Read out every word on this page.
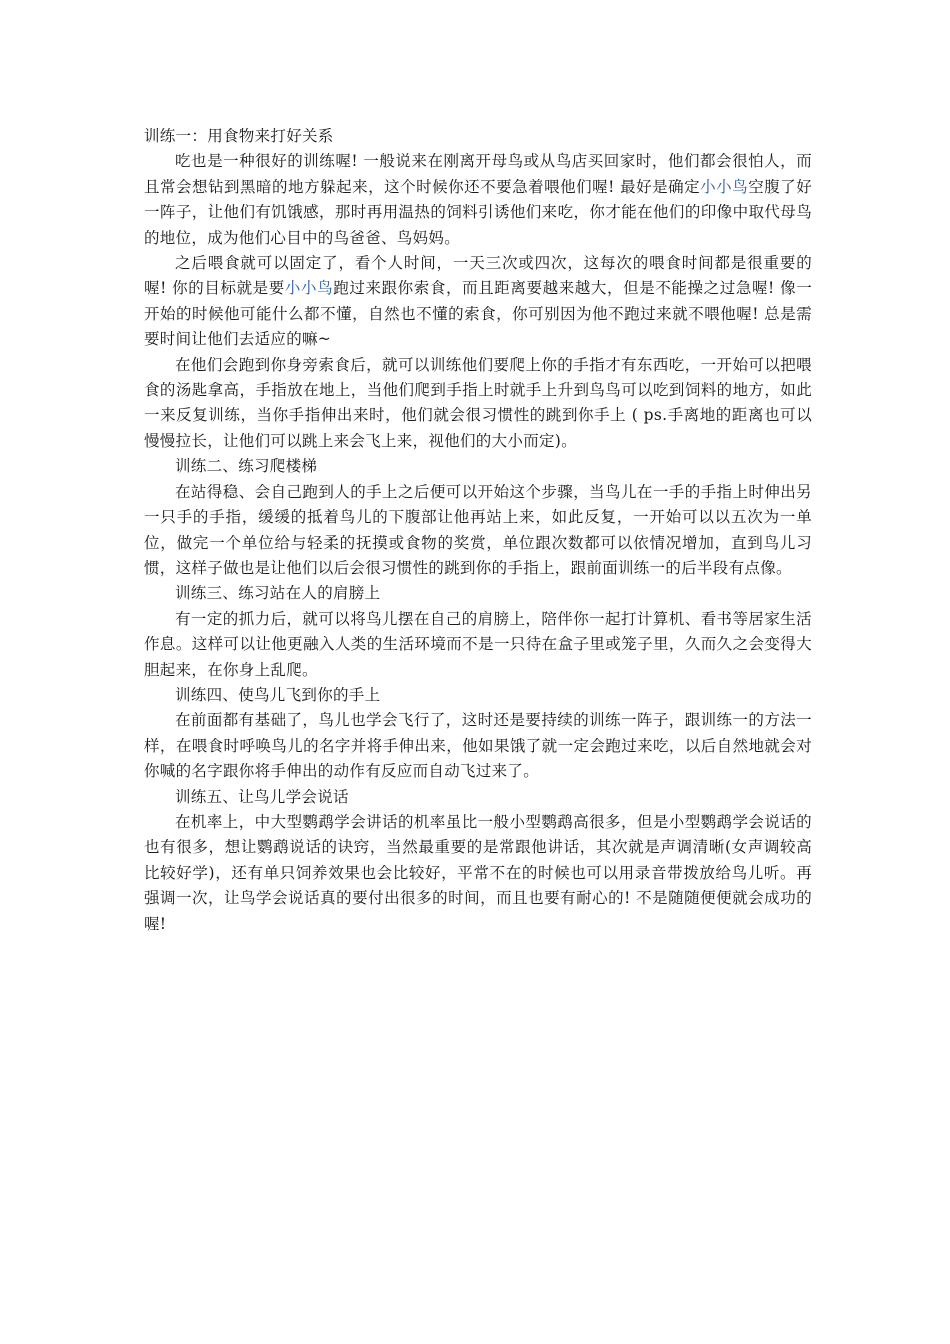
训练一：用食物来打好关系

吃也是一种很好的训练喔! 一般说来在刚离开母鸟或从鸟店买回家时，他们都会很怕人，而且常会想钻到黑暗的地方躲起来，这个时候你还不要急着喂他们喔! 最好是确定小小鸟空腹了好一阵子，让他们有饥饿感，那时再用温热的饲料引诱他们来吃，你才能在他们的印像中取代母鸟的地位，成为他们心目中的鸟爸爸、鸟妈妈。

之后喂食就可以固定了，看个人时间，一天三次或四次，这每次的喂食时间都是很重要的喔! 你的目标就是要小小鸟跑过来跟你索食，而且距离要越来越大，但是不能操之过急喔! 像一开始的时候他可能什么都不懂，自然也不懂的索食，你可别因为他不跑过来就不喂他喔! 总是需要时间让他们去适应的嘛~

在他们会跑到你身旁索食后，就可以训练他们要爬上你的手指才有东西吃，一开始可以把喂食的汤匙拿高，手指放在地上，当他们爬到手指上时就手上升到鸟鸟可以吃到饲料的地方，如此一来反复训练，当你手指伸出来时，他们就会很习惯性的跳到你手上 ( ps.手离地的距离也可以慢慢拉长，让他们可以跳上来会飞上来，视他们的大小而定)。

训练二、练习爬楼梯

在站得稳、会自己跑到人的手上之后便可以开始这个步骤，当鸟儿在一手的手指上时伸出另一只手的手指，缓缓的抵着鸟儿的下腹部让他再站上来，如此反复，一开始可以以五次为一单位，做完一个单位给与轻柔的抚摸或食物的奖赏，单位跟次数都可以依情况增加，直到鸟儿习惯，这样子做也是让他们以后会很习惯性的跳到你的手指上，跟前面训练一的后半段有点像。

训练三、练习站在人的肩膀上

有一定的抓力后，就可以将鸟儿摆在自己的肩膀上，陪伴你一起打计算机、看书等居家生活作息。这样可以让他更融入人类的生活环境而不是一只待在盒子里或笼子里，久而久之会变得大胆起来，在你身上乱爬。

训练四、使鸟儿飞到你的手上

在前面都有基础了，鸟儿也学会飞行了，这时还是要持续的训练一阵子，跟训练一的方法一样，在喂食时呼唤鸟儿的名字并将手伸出来，他如果饿了就一定会跑过来吃，以后自然地就会对你喊的名字跟你将手伸出的动作有反应而自动飞过来了。

训练五、让鸟儿学会说话

在机率上，中大型鹦鹉学会讲话的机率虽比一般小型鹦鹉高很多，但是小型鹦鹉学会说话的也有很多，想让鹦鹉说话的诀窍，当然最重要的是常跟他讲话，其次就是声调清晰(女声调较高比较好学)，还有单只饲养效果也会比较好，平常不在的时候也可以用录音带拨放给鸟儿听。再强调一次，让鸟学会说话真的要付出很多的时间，而且也要有耐心的! 不是随随便便就会成功的喔!
